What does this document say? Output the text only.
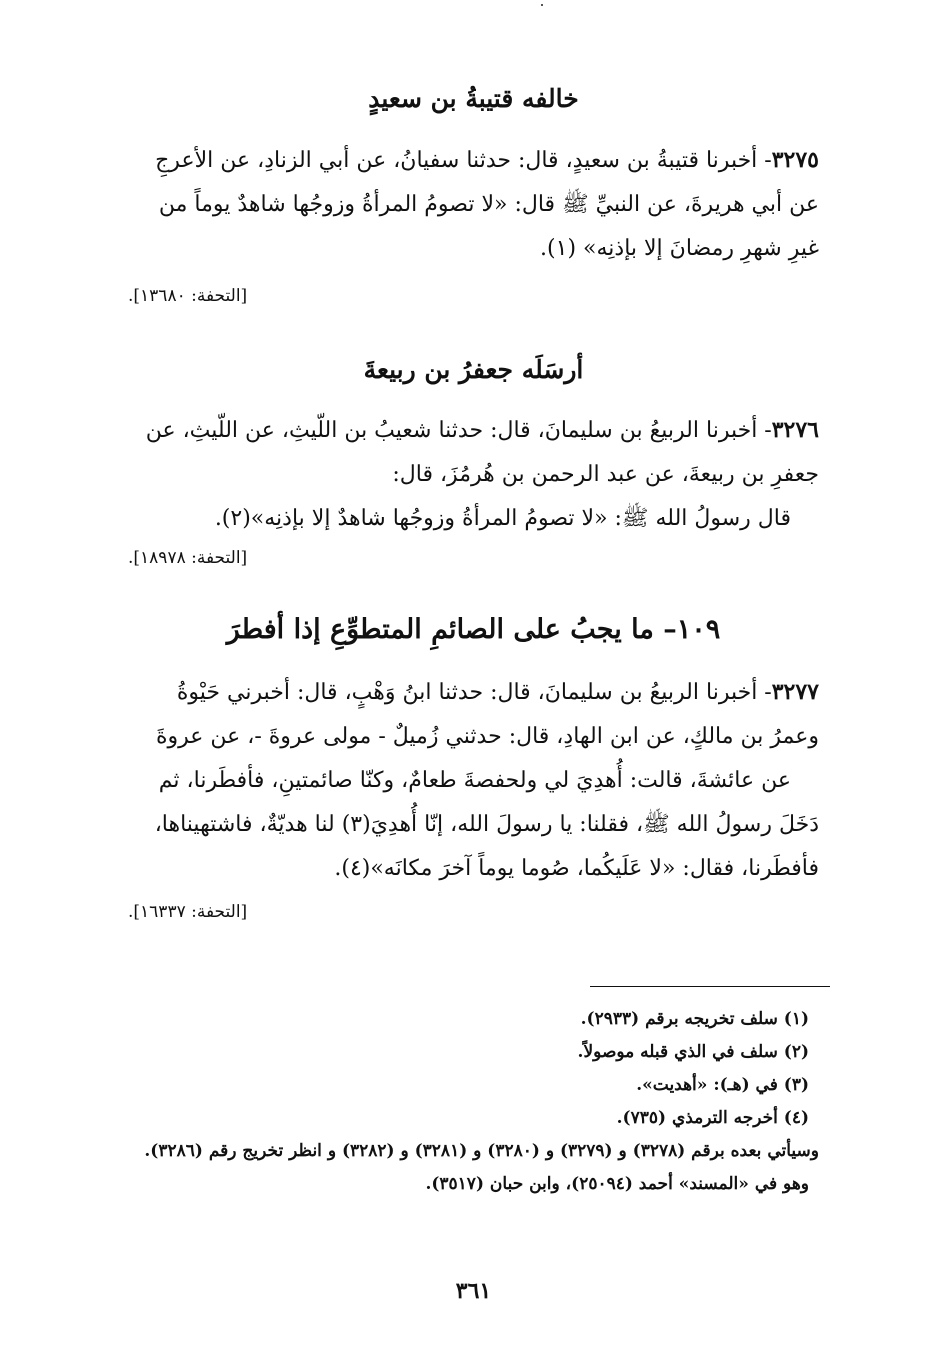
خالفه قتيبةُ بن سعيدٍ
٣٢٧٥- أخبرنا قتيبةُ بن سعيدٍ، قال: حدثنا سفيانُ، عن أبي الزنادِ، عن الأعرجِ
عن أبي هريرةَ، عن النبيِّ ﷺ قال: «لا تصومُ المرأةُ وزوجُها شاهدٌ يوماً من
غيرِ شهرِ رمضانَ إلا بإذنِه» (١).
[التحفة: ١٣٦٨٠].
أرسَلَه جعفرُ بن ربيعةَ
٣٢٧٦- أخبرنا الربيعُ بن سليمانَ، قال: حدثنا شعيبُ بن اللّيثِ، عن اللّيثِ، عن
جعفرِ بن ربيعةَ، عن عبد الرحمن بن هُرمُزَ، قال:
قال رسولُ الله ﷺ: «لا تصومُ المرأةُ وزوجُها شاهدٌ إلا بإذنِه»(٢).
[التحفة: ١٨٩٧٨].
١٠٩– ما يجبُ على الصائمِ المتطوِّعِ إذا أفطرَ
٣٢٧٧- أخبرنا الربيعُ بن سليمانَ، قال: حدثنا ابنُ وَهْبٍ، قال: أخبرني حَيْوةُ
وعمرُ بن مالكٍ، عن ابن الهادِ، قال: حدثني زُميلٌ - مولى عروةَ -، عن عروةَ
عن عائشةَ، قالت: أُهدِيَ لي ولحفصةَ طعامٌ، وكنّا صائمتينِ، فأفطَرنا، ثم
دَخَلَ رسولُ الله ﷺ، فقلنا: يا رسولَ الله، إنّا أُهدِيَ(٣) لنا هديّةٌ، فاشتهيناها،
فأفطَرنا، فقال: «لا عَلَيكُما، صُوما يوماً آخرَ مكانَه»(٤).
[التحفة: ١٦٣٣٧].
(١) سلف تخريجه برقم (٢٩٣٣).
(٢) سلف في الذي قبله موصولاً.
(٣) في (هـ): «أهديت».
(٤) أخرجه الترمذي (٧٣٥).
وسيأتي بعده برقم (٣٢٧٨) و (٣٢٧٩) و (٣٢٨٠) و (٣٢٨١) و (٣٢٨٢) و انظر تخريج رقم (٣٢٨٦).
وهو في «المسند» أحمد (٢٥٠٩٤)، وابن حبان (٣٥١٧).
٣٦١
